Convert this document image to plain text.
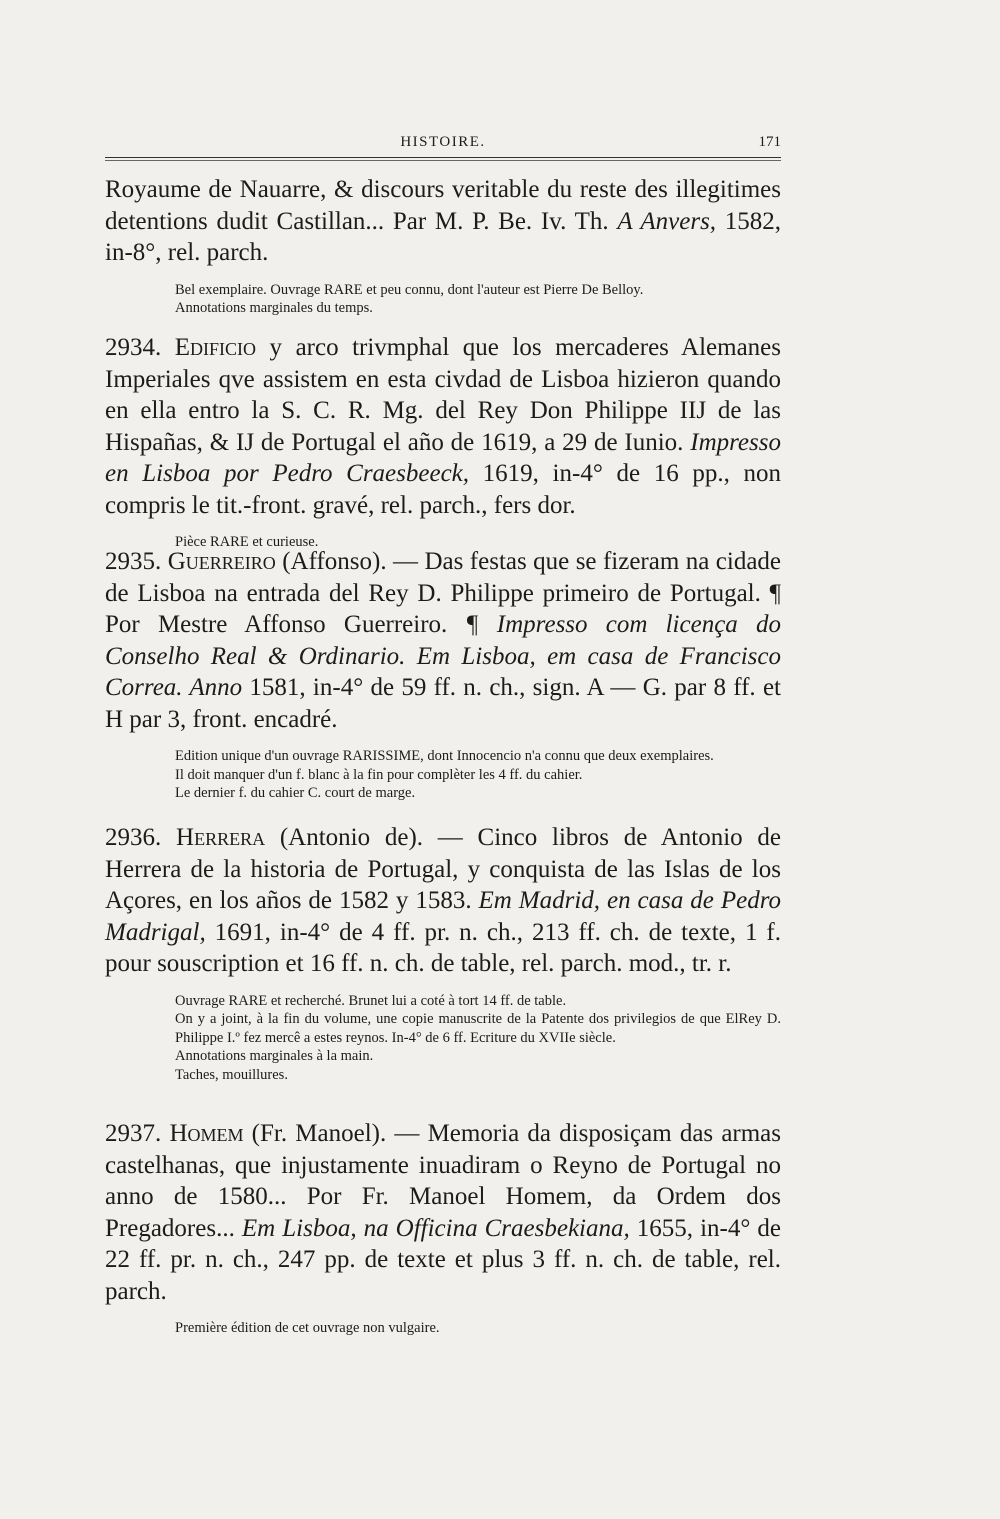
HISTOIRE.	171
Royaume de Nauarre, & discours veritable du reste des illegitimes detentions dudit Castillan... Par M. P. Be. Iv. Th. A Anvers, 1582, in-8°, rel. parch.

Bel exemplaire. Ouvrage RARE et peu connu, dont l'auteur est Pierre De Belloy.

Annotations marginales du temps.

2934. Edificio y arco trivmphal que los mercaderes Alemanes Imperiales qve assistem en esta civdad de Lisboa hizieron quando en ella entro la S. C. R. Mg. del Rey Don Philippe IIJ de las Hispañas, & IJ de Portugal el año de 1619, a 29 de Iunio. Impresso en Lisboa por Pedro Craesbeeck, 1619, in-4° de 16 pp., non compris le tit.-front. gravé, rel. parch., fers dor.

Pièce RARE et curieuse.

2935. Guerreiro (Affonso). — Das festas que se fizeram na cidade de Lisboa na entrada del Rey D. Philippe primeiro de Portugal. ¶ Por Mestre Affonso Guerreiro. ¶ Impresso com licença do Conselho Real & Ordinario. Em Lisboa, em casa de Francisco Correa. Anno 1581, in-4° de 59 ff. n. ch., sign. A — G. par 8 ff. et H par 3, front. encadré.

Edition unique d'un ouvrage RARISSIME, dont Innocencio n'a connu que deux exemplaires.

Il doit manquer d'un f. blanc à la fin pour complèter les 4 ff. du cahier.

Le dernier f. du cahier C. court de marge.

2936. Herrera (Antonio de). — Cinco libros de Antonio de Herrera de la historia de Portugal, y conquista de las Islas de los Açores, en los años de 1582 y 1583. Em Madrid, en casa de Pedro Madrigal, 1691, in-4° de 4 ff. pr. n. ch., 213 ff. ch. de texte, 1 f. pour souscription et 16 ff. n. ch. de table, rel. parch. mod., tr. r.

Ouvrage RARE et recherché. Brunet lui a coté à tort 14 ff. de table.

On y a joint, à la fin du volume, une copie manuscrite de la Patente dos privilegios de que ElRey D. Philippe I.º fez mercê a estes reynos. In-4° de 6 ff. Ecriture du XVIIe siècle.

Annotations marginales à la main.

Taches, mouillures.

2937. Homem (Fr. Manoel). — Memoria da disposiçam das armas castelhanas, que injustamente inuadiram o Reyno de Portugal no anno de 1580... Por Fr. Manoel Homem, da Ordem dos Pregadores... Em Lisboa, na Officina Craesbekiana, 1655, in-4° de 22 ff. pr. n. ch., 247 pp. de texte et plus 3 ff. n. ch. de table, rel. parch.

Première édition de cet ouvrage non vulgaire.
